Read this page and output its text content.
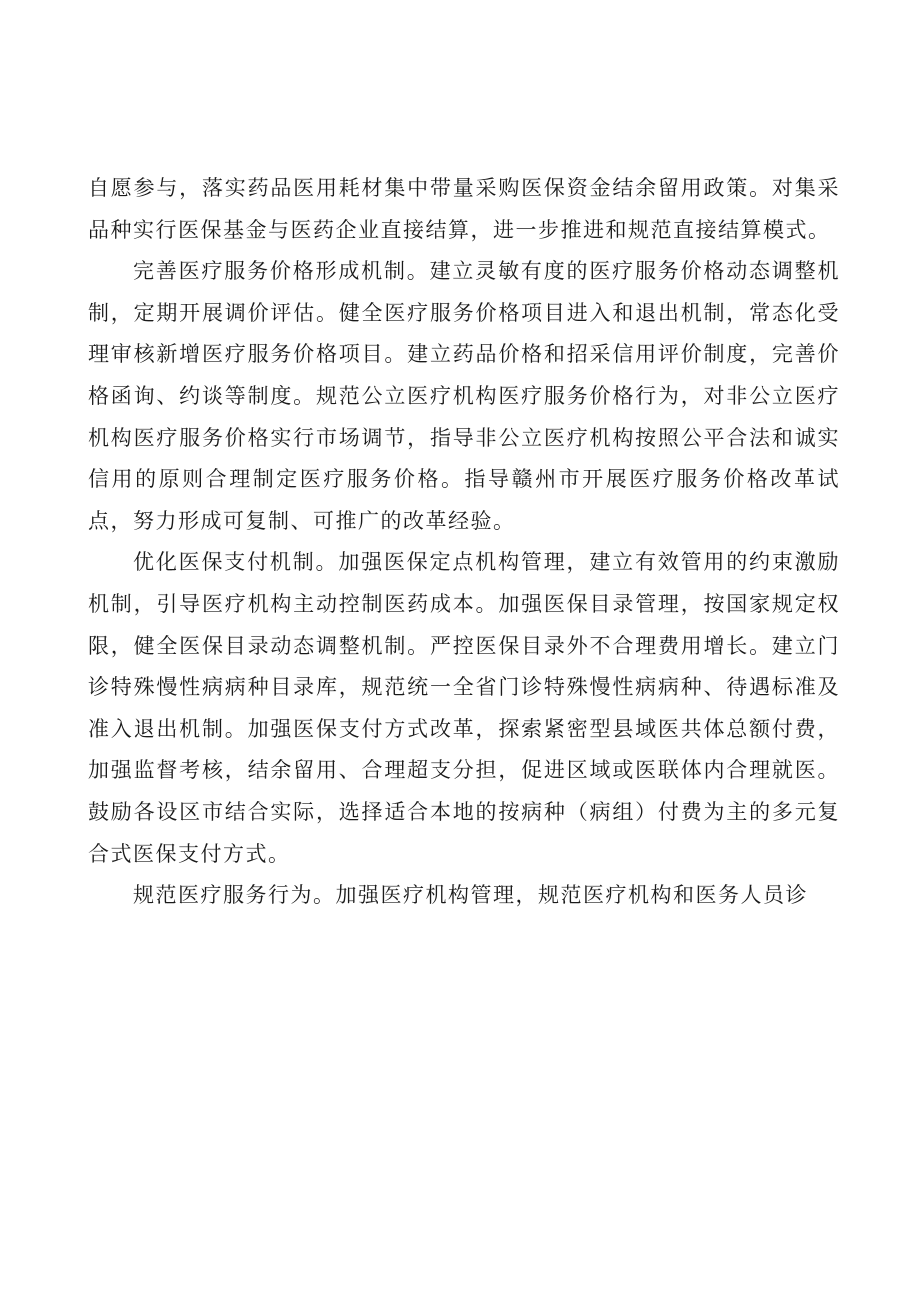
自愿参与，落实药品医用耗材集中带量采购医保资金结余留用政策。对集采品种实行医保基金与医药企业直接结算，进一步推进和规范直接结算模式。

完善医疗服务价格形成机制。建立灵敏有度的医疗服务价格动态调整机制，定期开展调价评估。健全医疗服务价格项目进入和退出机制，常态化受理审核新增医疗服务价格项目。建立药品价格和招采信用评价制度，完善价格函询、约谈等制度。规范公立医疗机构医疗服务价格行为，对非公立医疗机构医疗服务价格实行市场调节，指导非公立医疗机构按照公平合法和诚实信用的原则合理制定医疗服务价格。指导赣州市开展医疗服务价格改革试点，努力形成可复制、可推广的改革经验。

优化医保支付机制。加强医保定点机构管理，建立有效管用的约束激励机制，引导医疗机构主动控制医药成本。加强医保目录管理，按国家规定权限，健全医保目录动态调整机制。严控医保目录外不合理费用增长。建立门诊特殊慢性病病种目录库，规范统一全省门诊特殊慢性病病种、待遇标准及准入退出机制。加强医保支付方式改革，探索紧密型县域医共体总额付费，加强监督考核，结余留用、合理超支分担，促进区域或医联体内合理就医。鼓励各设区市结合实际，选择适合本地的按病种（病组）付费为主的多元复合式医保支付方式。

规范医疗服务行为。加强医疗机构管理，规范医疗机构和医务人员诊
